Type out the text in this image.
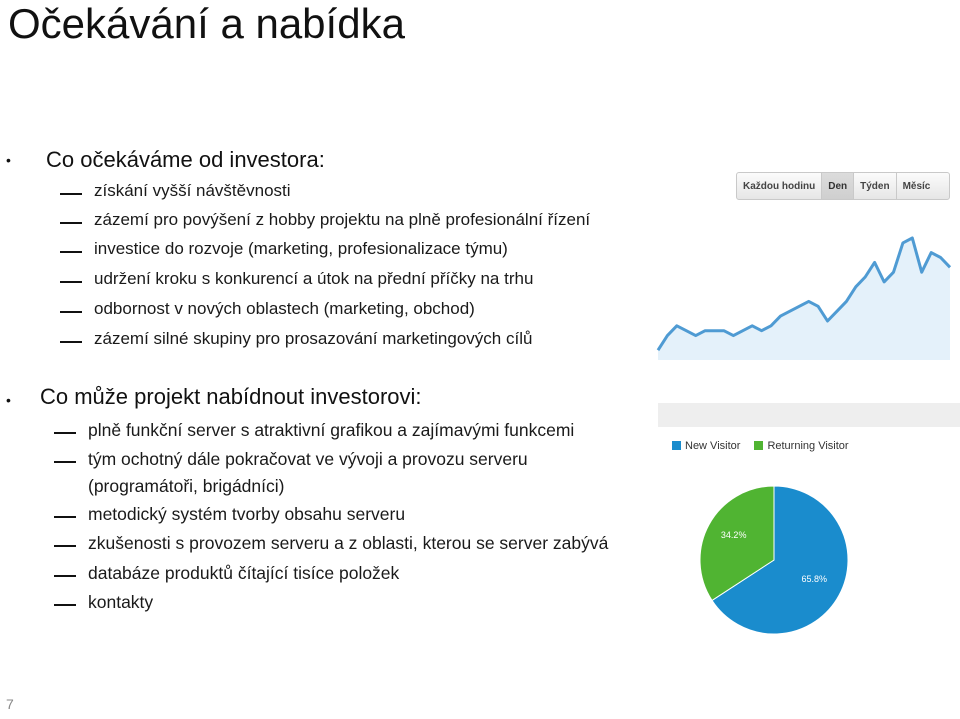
Očekávání a nabídka
• Co očekáváme od investora:
získání vyšší návštěvnosti
zázemí pro povýšení z hobby projektu na plně profesionální řízení
investice do rozvoje (marketing, profesionalizace týmu)
udržení kroku s konkurencí a útok na přední příčky na trhu
odbornost v nových oblastech (marketing, obchod)
zázemí silné skupiny pro prosazování marketingových cílů
• Co může projekt nabídnout investorovi:
plně funkční server s atraktivní grafikou a zajímavými funkcemi
tým ochotný dále pokračovat ve vývoji a provozu serveru
(programátoři, brigádníci)
metodický systém tvorby obsahu serveru
zkušenosti s provozem serveru a z oblasti, kterou se server zabývá
databáze produktů čítající tisíce položek
kontakty
7
Každou hodinu	Den	Týden	Měsíc
New Visitor	Returning Visitor
65.8%
34.2%
